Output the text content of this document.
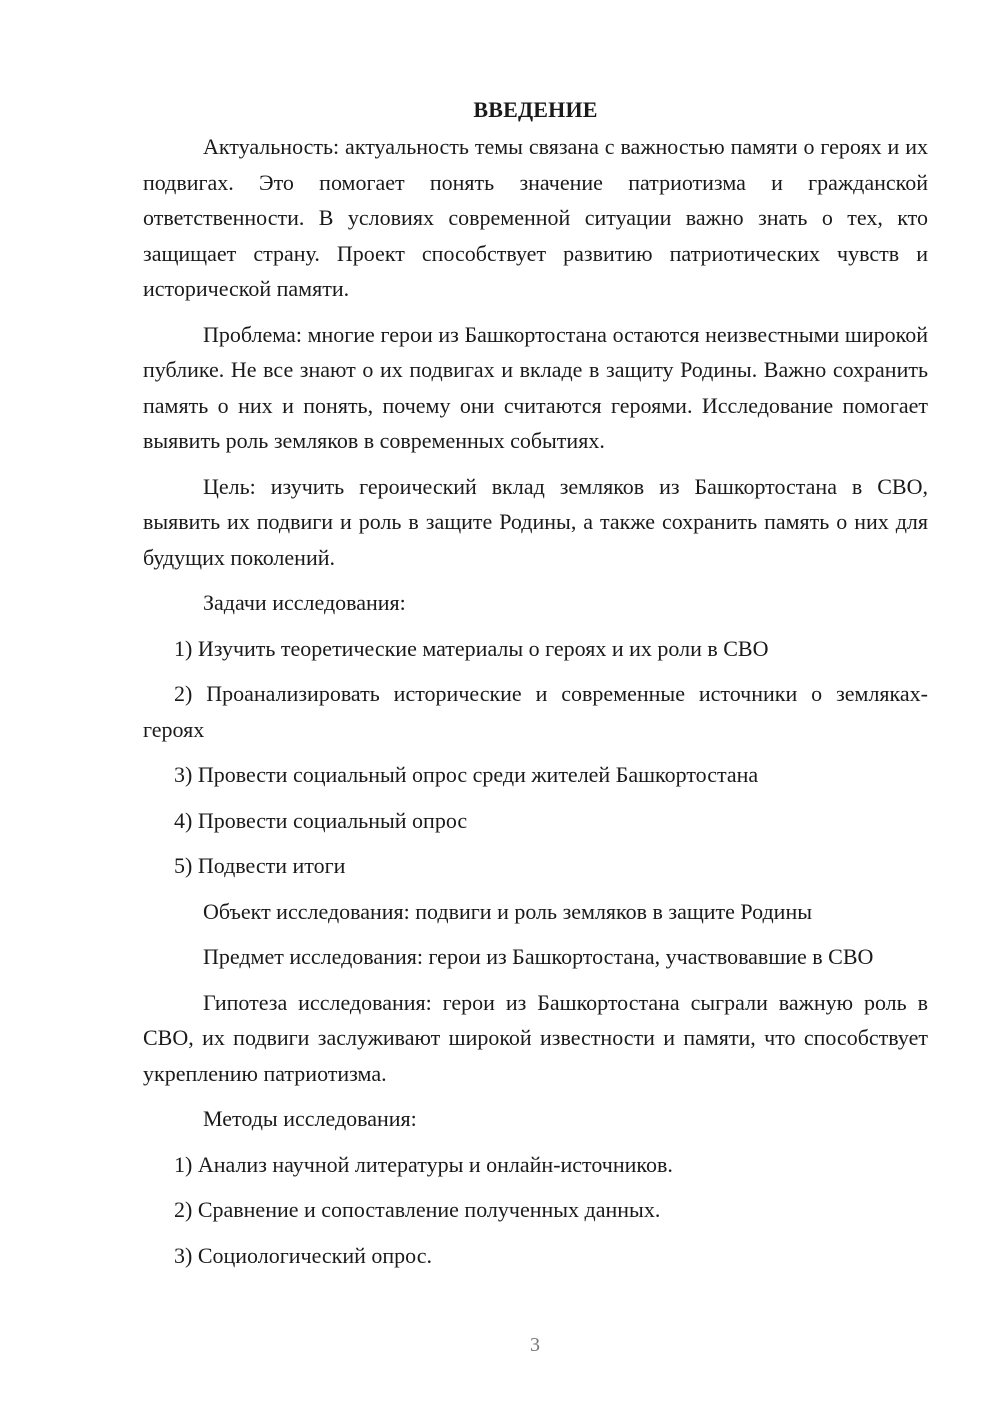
ВВЕДЕНИЕ

Актуальность: актуальность темы связана с важностью памяти о героях и их подвигах. Это помогает понять значение патриотизма и гражданской ответственности. В условиях современной ситуации важно знать о тех, кто защищает страну. Проект способствует развитию патриотических чувств и исторической памяти.

Проблема: многие герои из Башкортостана остаются неизвестными широкой публике. Не все знают о их подвигах и вкладе в защиту Родины. Важно сохранить память о них и понять, почему они считаются героями. Исследование помогает выявить роль земляков в современных событиях.

Цель: изучить героический вклад земляков из Башкортостана в СВО, выявить их подвиги и роль в защите Родины, а также сохранить память о них для будущих поколений.

Задачи исследования:

1) Изучить теоретические материалы о героях и их роли в СВО

2) Проанализировать исторические и современные источники о землякаx-героях

3) Провести социальный опрос среди жителей Башкортостана

4) Провести социальный опрос

5) Подвести итоги

Объект исследования: подвиги и роль земляков в защите Родины

Предмет исследования: герои из Башкортостана, участвовавшие в СВО

Гипотеза исследования: герои из Башкортостана сыграли важную роль в СВО, их подвиги заслуживают широкой известности и памяти, что способствует укреплению патриотизма.

Методы исследования:

1) Анализ научной литературы и онлайн-источников.

2) Сравнение и сопоставление полученных данных.

3) Социологический опрос.

3
